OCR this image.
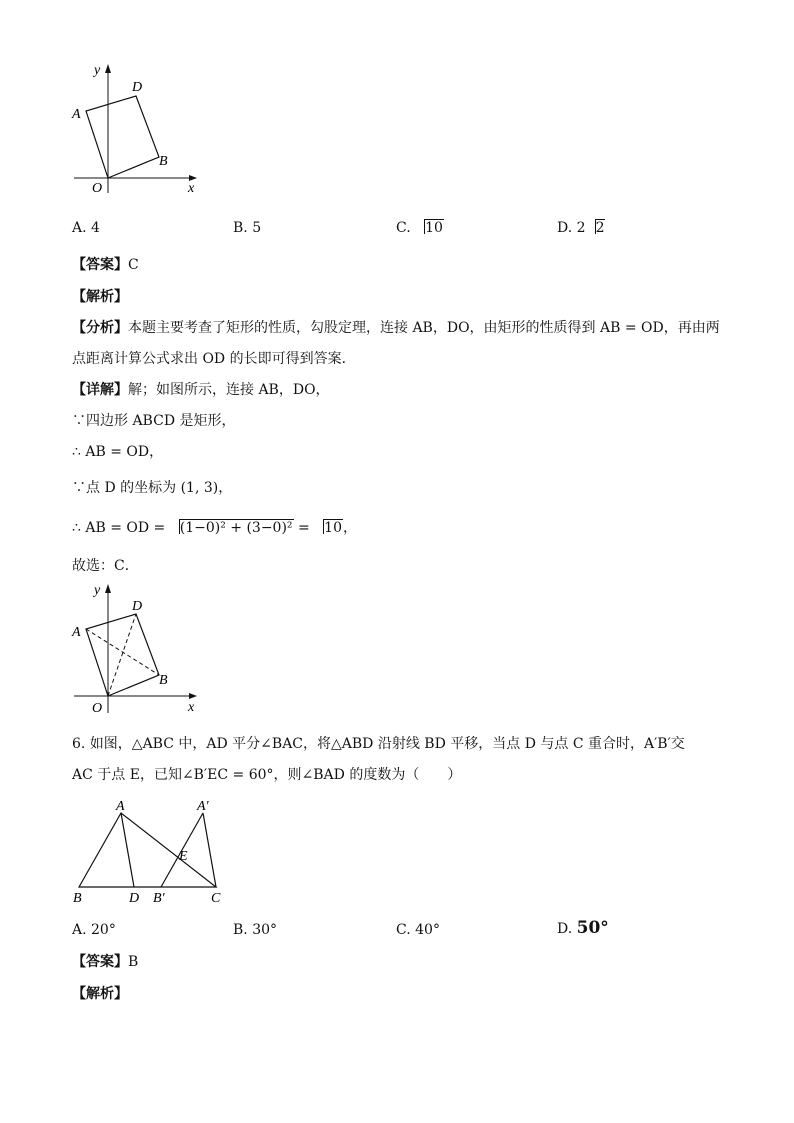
y
x
O
A
D
B
A. 4	B. 5	C. 10	D. 2 2
【答案】C
【解析】
【分析】本题主要考查了矩形的性质，勾股定理，连接 AB，DO，由矩形的性质得到 AB = OD，再由两
点距离计算公式求出 OD 的长即可得到答案．
【详解】解；如图所示，连接 AB，DO，
∵四边形 ABCD 是矩形，
∴ AB = OD，
∵点 D 的坐标为 (1, 3)，
∴ AB = OD = (1−0)² + (3−0)² = 10，
故选：C．
y
x
O
A
D
B
6. 如图，△ABC 中，AD 平分∠BAC，将△ABD 沿射线 BD 平移，当点 D 与点 C 重合时，A′B′交
AC 于点 E，已知∠B′EC = 60°，则∠BAD 的度数为（　　）
A	A′
E
B	D B′	C
A. 20°	B. 30°	C. 40°	D. 50°
【答案】B
【解析】
